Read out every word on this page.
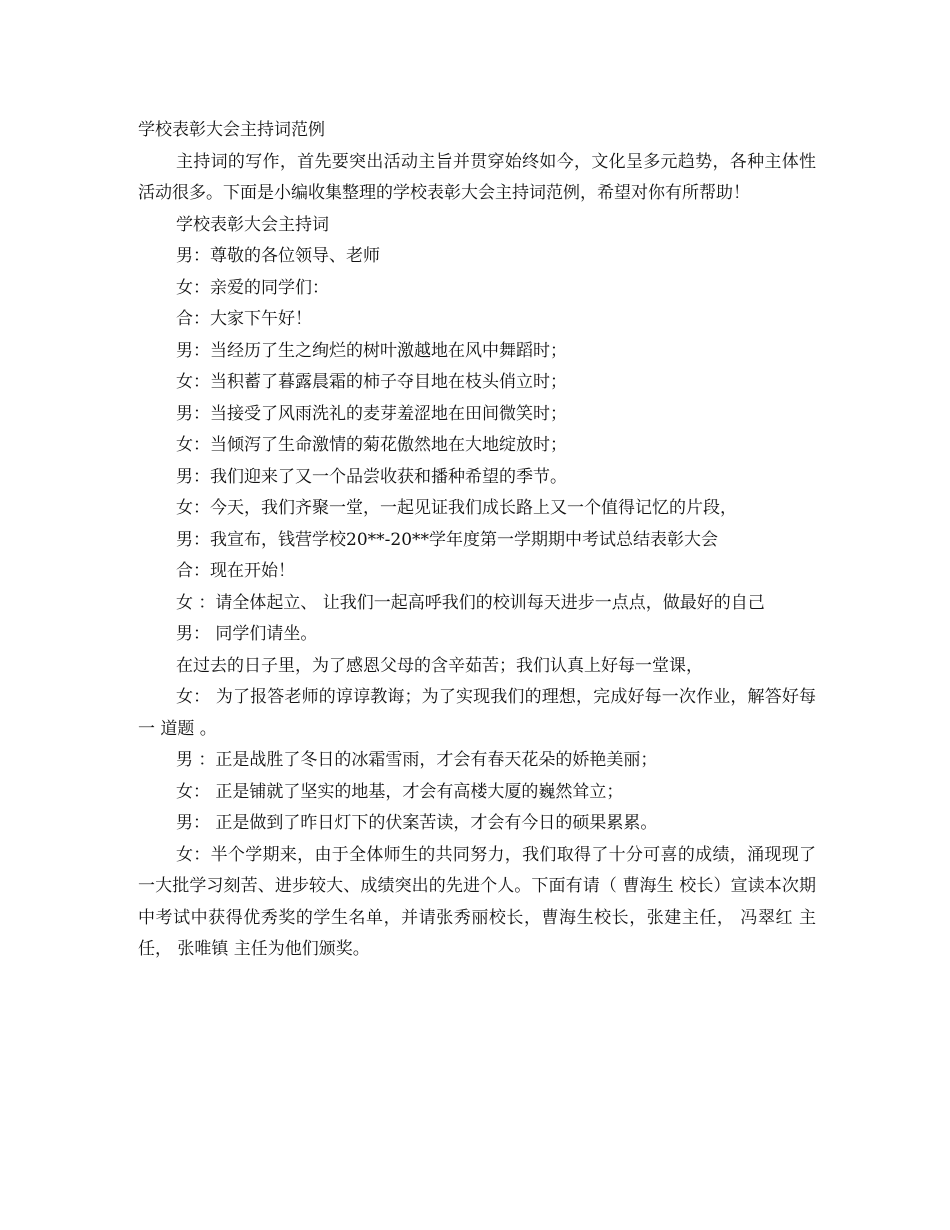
学校表彰大会主持词范例
主持词的写作，首先要突出活动主旨并贯穿始终如今，文化呈多元趋势，各种主体性活动很多。下面是小编收集整理的学校表彰大会主持词范例，希望对你有所帮助！
学校表彰大会主持词
男：尊敬的各位领导、老师
女：亲爱的同学们：
合：大家下午好！
男：当经历了生之绚烂的树叶激越地在风中舞蹈时；
女：当积蓄了暮露晨霜的柿子夺目地在枝头俏立时；
男：当接受了风雨洗礼的麦芽羞涩地在田间微笑时；
女：当倾泻了生命激情的菊花傲然地在大地绽放时；
男：我们迎来了又一个品尝收获和播种希望的季节。
女：今天，我们齐聚一堂，一起见证我们成长路上又一个值得记忆的片段，
男：我宣布，钱营学校20**-20**学年度第一学期期中考试总结表彰大会
合：现在开始！
女 ：请全体起立、 让我们一起高呼我们的校训每天进步一点点，做最好的自己
男： 同学们请坐。
在过去的日子里，为了感恩父母的含辛茹苦；我们认真上好每一堂课，
女： 为了报答老师的谆谆教诲；为了实现我们的理想，完成好每一次作业，解答好每一 道题 。
男 ：正是战胜了冬日的冰霜雪雨，才会有春天花朵的娇艳美丽；
女： 正是铺就了坚实的地基，才会有高楼大厦的巍然耸立；
男： 正是做到了昨日灯下的伏案苦读，才会有今日的硕果累累。
女：半个学期来，由于全体师生的共同努力，我们取得了十分可喜的成绩，涌现现了一大批学习刻苦、进步较大、成绩突出的先进个人。下面有请（ 曹海生 校长）宣读本次期中考试中获得优秀奖的学生名单，并请张秀丽校长，曹海生校长，张建主任， 冯翠红 主任， 张唯镇 主任为他们颁奖。
